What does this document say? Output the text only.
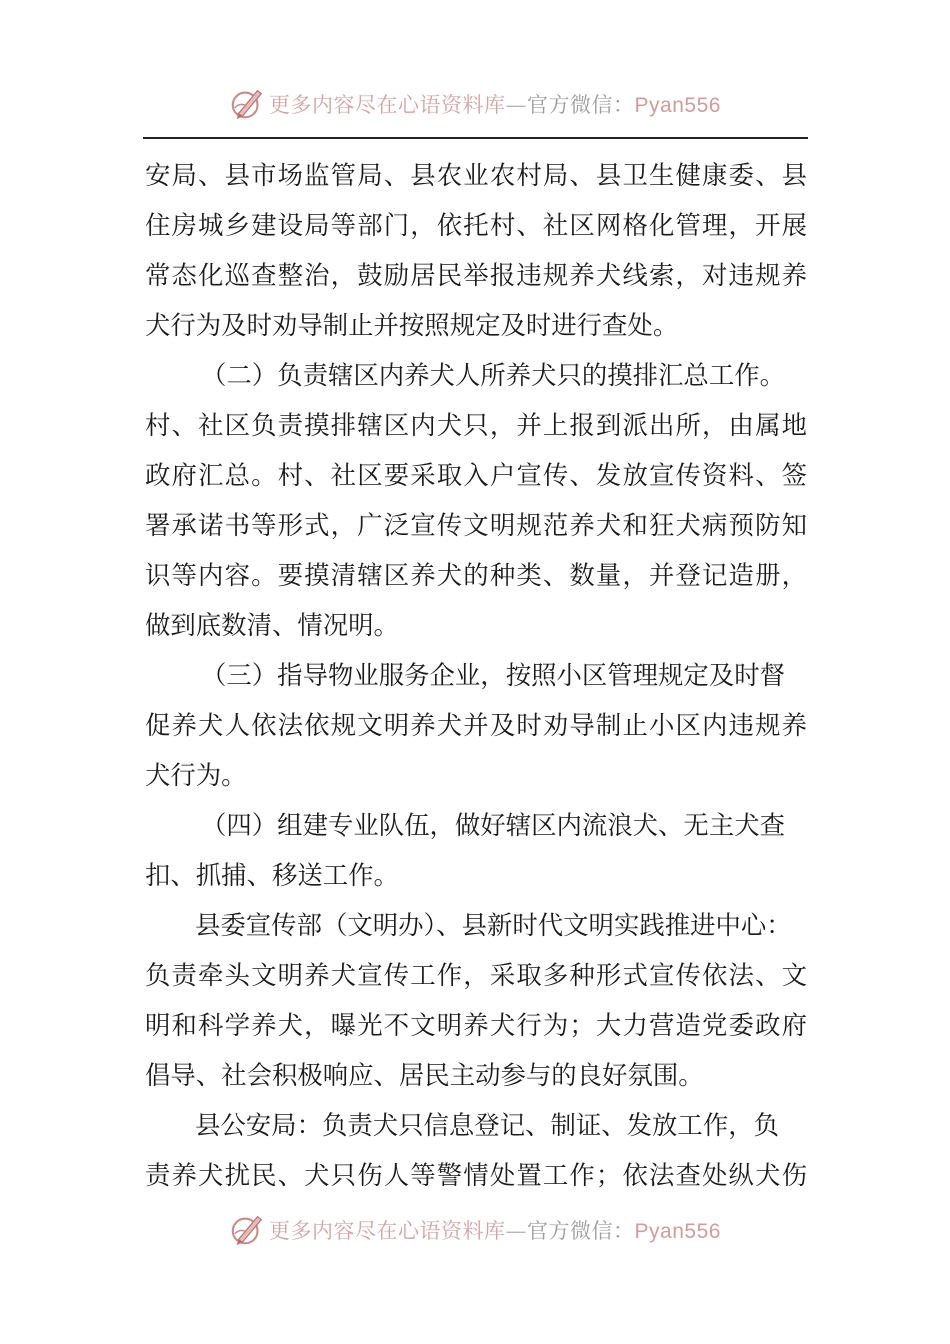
更多内容尽在心语资料库—官方微信：Pyan556
安局、县市场监管局、县农业农村局、县卫生健康委、县
住房城乡建设局等部门，依托村、社区网格化管理，开展
常态化巡查整治，鼓励居民举报违规养犬线索，对违规养
犬行为及时劝导制止并按照规定及时进行查处。
（二）负责辖区内养犬人所养犬只的摸排汇总工作。
村、社区负责摸排辖区内犬只，并上报到派出所，由属地
政府汇总。村、社区要采取入户宣传、发放宣传资料、签
署承诺书等形式，广泛宣传文明规范养犬和狂犬病预防知
识等内容。要摸清辖区养犬的种类、数量，并登记造册，
做到底数清、情况明。
（三）指导物业服务企业，按照小区管理规定及时督
促养犬人依法依规文明养犬并及时劝导制止小区内违规养
犬行为。
（四）组建专业队伍，做好辖区内流浪犬、无主犬查
扣、抓捕、移送工作。
县委宣传部（文明办）、县新时代文明实践推进中心：
负责牵头文明养犬宣传工作，采取多种形式宣传依法、文
明和科学养犬，曝光不文明养犬行为；大力营造党委政府
倡导、社会积极响应、居民主动参与的良好氛围。
县公安局：负责犬只信息登记、制证、发放工作，负
责养犬扰民、犬只伤人等警情处置工作；依法查处纵犬伤
更多内容尽在心语资料库—官方微信：Pyan556
